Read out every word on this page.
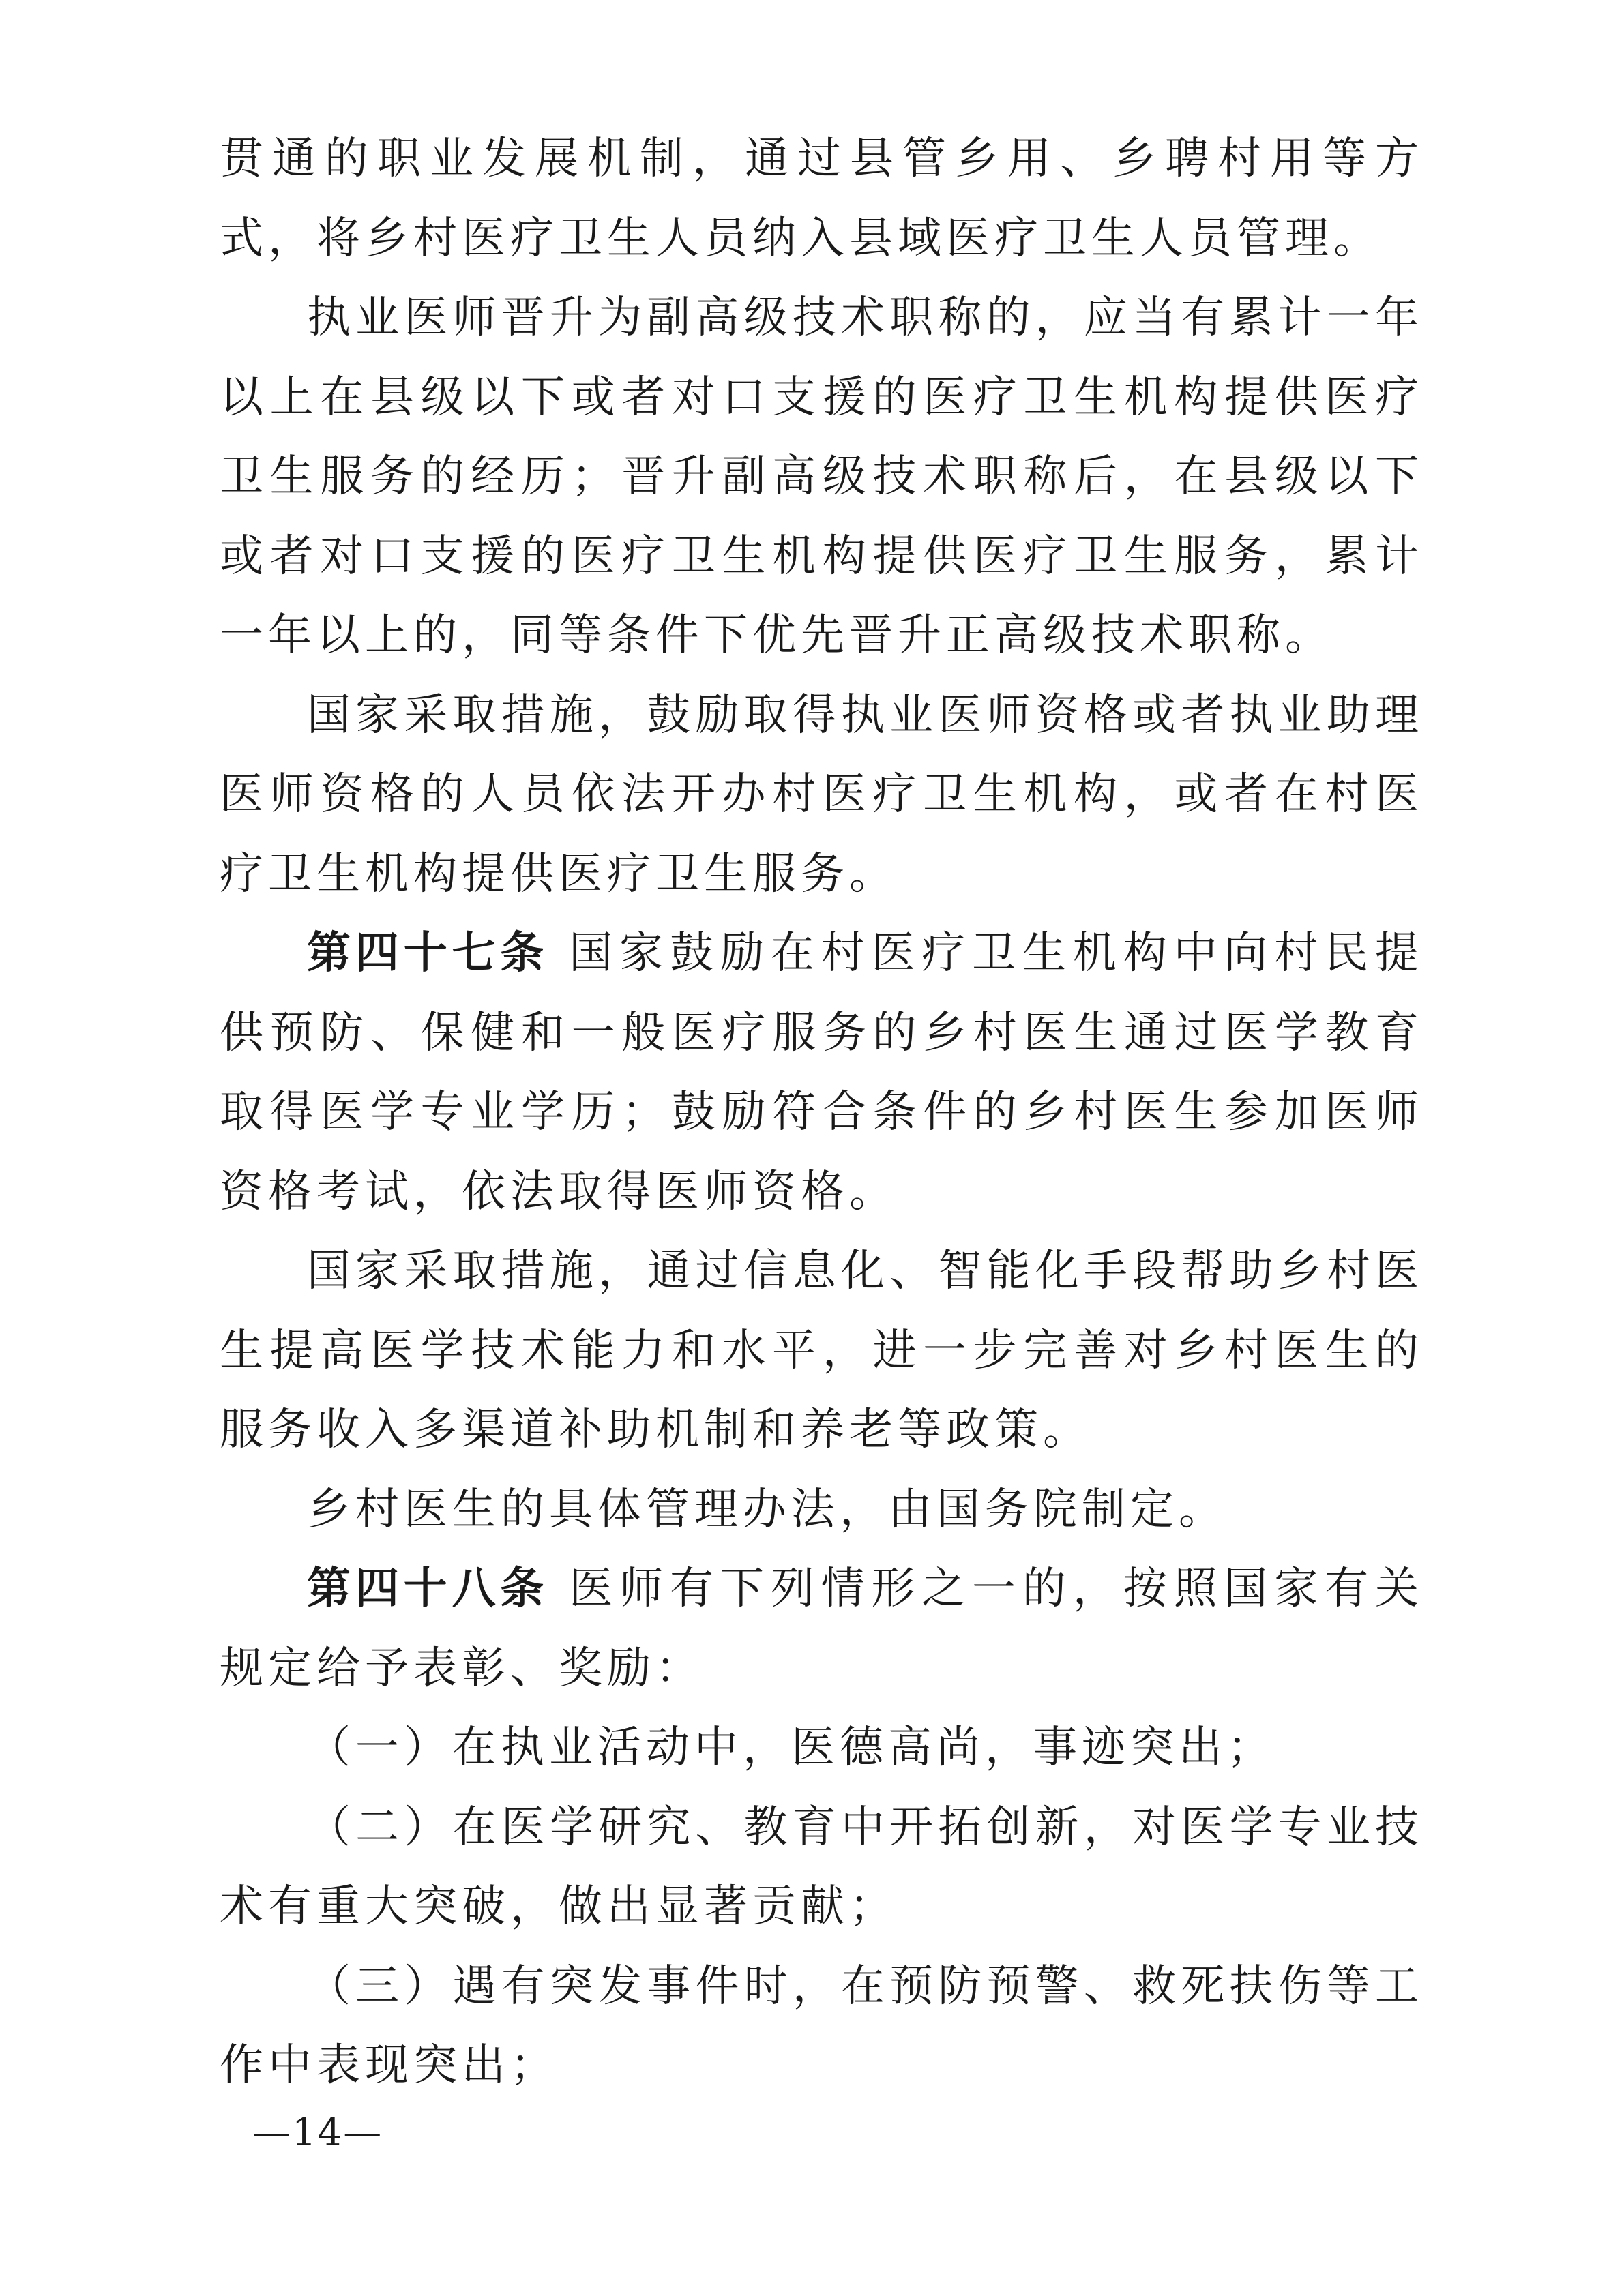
贯通的职业发展机制，通过县管乡用、乡聘村用等方式，将乡村医疗卫生人员纳入县域医疗卫生人员管理。

执业医师晋升为副高级技术职称的，应当有累计一年以上在县级以下或者对口支援的医疗卫生机构提供医疗卫生服务的经历；晋升副高级技术职称后，在县级以下或者对口支援的医疗卫生机构提供医疗卫生服务，累计一年以上的，同等条件下优先晋升正高级技术职称。

国家采取措施，鼓励取得执业医师资格或者执业助理医师资格的人员依法开办村医疗卫生机构，或者在村医疗卫生机构提供医疗卫生服务。

第四十七条 国家鼓励在村医疗卫生机构中向村民提供预防、保健和一般医疗服务的乡村医生通过医学教育取得医学专业学历；鼓励符合条件的乡村医生参加医师资格考试，依法取得医师资格。

国家采取措施，通过信息化、智能化手段帮助乡村医生提高医学技术能力和水平，进一步完善对乡村医生的服务收入多渠道补助机制和养老等政策。

乡村医生的具体管理办法，由国务院制定。

第四十八条 医师有下列情形之一的，按照国家有关规定给予表彰、奖励：

（一）在执业活动中，医德高尚，事迹突出；

（二）在医学研究、教育中开拓创新，对医学专业技术有重大突破，做出显著贡献；

（三）遇有突发事件时，在预防预警、救死扶伤等工作中表现突出；

—14—
